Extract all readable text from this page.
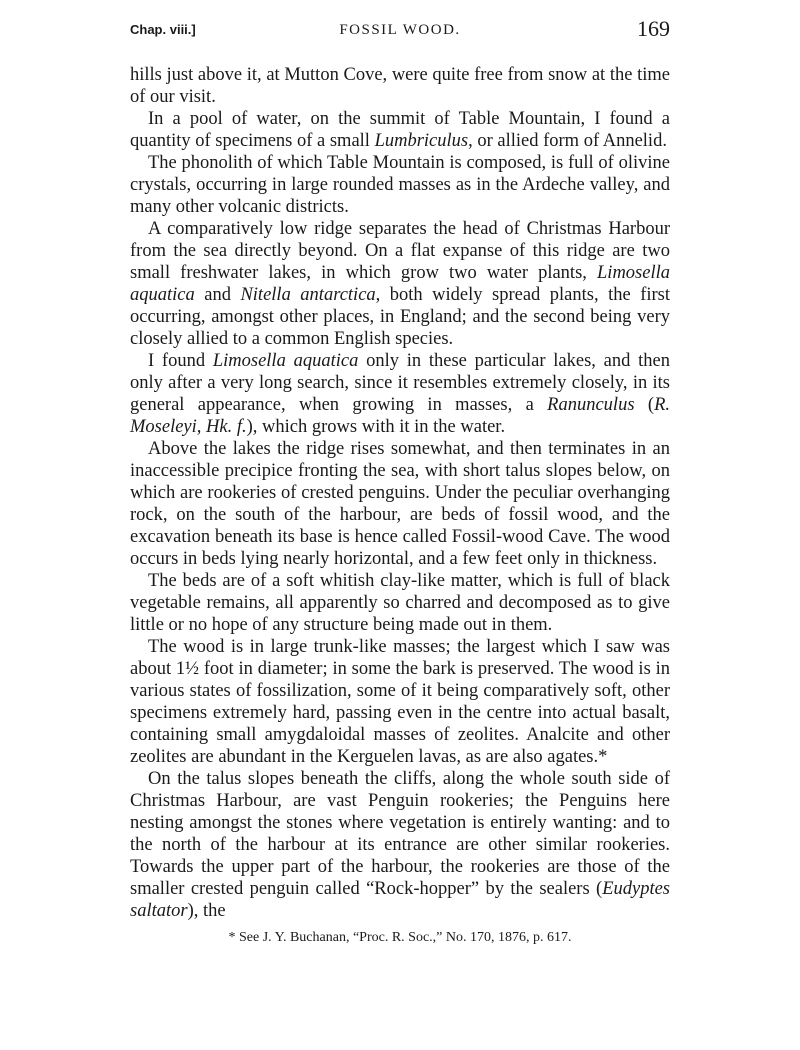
Chap. viii.]	FOSSIL WOOD.	169

hills just above it, at Mutton Cove, were quite free from snow at the time of our visit.

In a pool of water, on the summit of Table Mountain, I found a quantity of specimens of a small Lumbriculus, or allied form of Annelid.

The phonolith of which Table Mountain is composed, is full of olivine crystals, occurring in large rounded masses as in the Ardeche valley, and many other volcanic districts.

A comparatively low ridge separates the head of Christmas Harbour from the sea directly beyond. On a flat expanse of this ridge are two small freshwater lakes, in which grow two water plants, Limosella aquatica and Nitella antarctica, both widely spread plants, the first occurring, amongst other places, in England; and the second being very closely allied to a common English species.

I found Limosella aquatica only in these particular lakes, and then only after a very long search, since it resembles extremely closely, in its general appearance, when growing in masses, a Ranunculus (R. Moseleyi, Hk. f.), which grows with it in the water.

Above the lakes the ridge rises somewhat, and then terminates in an inaccessible precipice fronting the sea, with short talus slopes below, on which are rookeries of crested penguins. Under the peculiar overhanging rock, on the south of the harbour, are beds of fossil wood, and the excavation beneath its base is hence called Fossil-wood Cave. The wood occurs in beds lying nearly horizontal, and a few feet only in thickness.

The beds are of a soft whitish clay-like matter, which is full of black vegetable remains, all apparently so charred and decomposed as to give little or no hope of any structure being made out in them.

The wood is in large trunk-like masses; the largest which I saw was about 1½ foot in diameter; in some the bark is preserved. The wood is in various states of fossilization, some of it being comparatively soft, other specimens extremely hard, passing even in the centre into actual basalt, containing small amygdaloidal masses of zeolites. Analcite and other zeolites are abundant in the Kerguelen lavas, as are also agates.*

On the talus slopes beneath the cliffs, along the whole south side of Christmas Harbour, are vast Penguin rookeries; the Penguins here nesting amongst the stones where vegetation is entirely wanting: and to the north of the harbour at its entrance are other similar rookeries. Towards the upper part of the harbour, the rookeries are those of the smaller crested penguin called “Rock-hopper” by the sealers (Eudyptes saltator), the

* See J. Y. Buchanan, “Proc. R. Soc.,” No. 170, 1876, p. 617.
